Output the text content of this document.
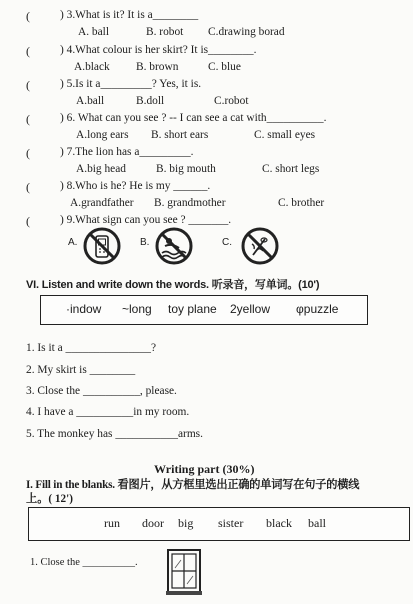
(	) 3.What is it? It is a________
A. ball	B. robot C.drawing borad
(	) 4.What colour is her skirt? It is________.
A.black B. brown	C. blue
(	) 5.Is it a_________? Yes, it is.
A.ball	B.doll	C.robot
(	) 6. What can you see ? -- I can see a cat with__________.
A.long ears B. short ears	C. small eyes
(	) 7.The lion has a_________.
A.big head	B. big mouth	C. short legs
(	) 8.Who is he? He is my ______.
A.grandfather B. grandmother	C. brother
(	) 9.What sign can you see ? _______.
A.	B.	C.
VI. Listen and write down the words. 听录音，写单词。(10')
·indow ~long toy plane 2yellow φpuzzle
1. Is it a _______________?
2. My skirt is ________
3. Close the __________, please.
4. I have a __________in my room.
5. The monkey has ___________arms.
Writing part (30%)
I. Fill in the blanks. 看图片，从方框里选出正确的单词写在句子的横线
上。( 12')
run door big sister black ball
1. Close the __________.
